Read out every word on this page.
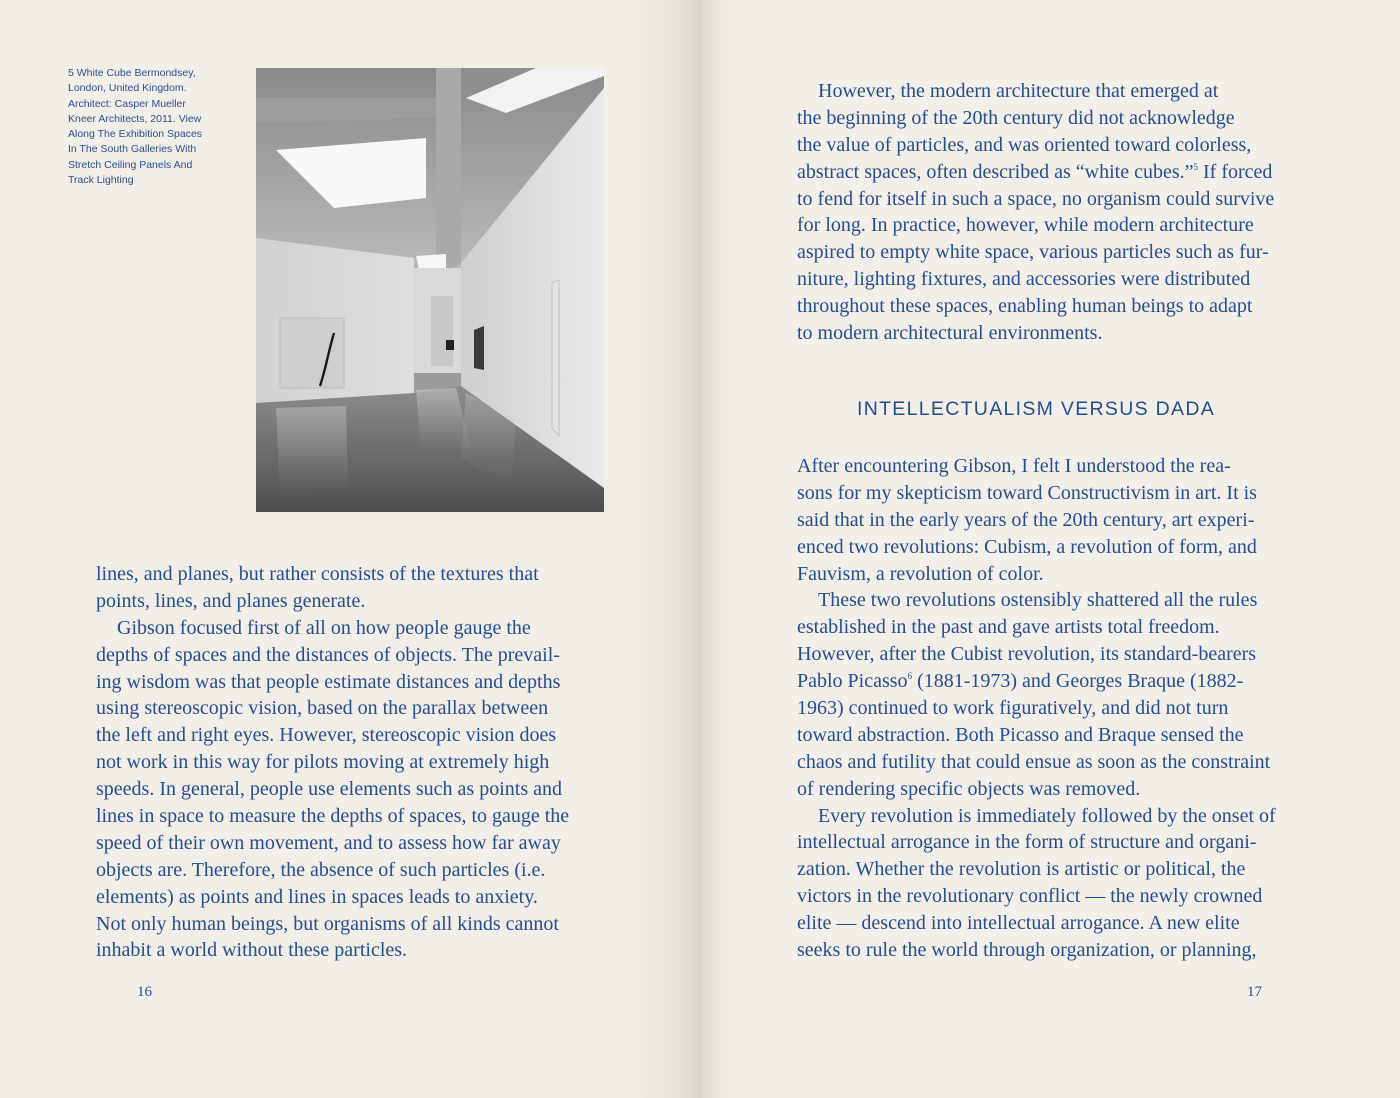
5 White Cube Bermondsey,
London, United Kingdom.
Architect: Casper Mueller
Kneer Architects, 2011. View
Along The Exhibition Spaces
In The South Galleries With
Stretch Ceiling Panels And
Track Lighting
lines, and planes, but rather consists of the textures that
points, lines, and planes generate.
Gibson focused first of all on how people gauge the
depths of spaces and the distances of objects. The prevail-
ing wisdom was that people estimate distances and depths
using stereoscopic vision, based on the parallax between
the left and right eyes. However, stereoscopic vision does
not work in this way for pilots moving at extremely high
speeds. In general, people use elements such as points and
lines in space to measure the depths of spaces, to gauge the
speed of their own movement, and to assess how far away
objects are. Therefore, the absence of such particles (i.e.
elements) as points and lines in spaces leads to anxiety.
Not only human beings, but organisms of all kinds cannot
inhabit a world without these particles.
16
However, the modern architecture that emerged at
the beginning of the 20th century did not acknowledge
the value of particles, and was oriented toward colorless,
abstract spaces, often described as “white cubes.”$^5$ If forced
to fend for itself in such a space, no organism could survive
for long. In practice, however, while modern architecture
aspired to empty white space, various particles such as fur-
niture, lighting fixtures, and accessories were distributed
throughout these spaces, enabling human beings to adapt
to modern architectural environments.
INTELLECTUALISM VERSUS DADA
After encountering Gibson, I felt I understood the rea-
sons for my skepticism toward Constructivism in art. It is
said that in the early years of the 20th century, art experi-
enced two revolutions: Cubism, a revolution of form, and
Fauvism, a revolution of color.
These two revolutions ostensibly shattered all the rules
established in the past and gave artists total freedom.
However, after the Cubist revolution, its standard-bearers
Pablo Picasso$^6$ (1881-1973) and Georges Braque (1882-
1963) continued to work figuratively, and did not turn
toward abstraction. Both Picasso and Braque sensed the
chaos and futility that could ensue as soon as the constraint
of rendering specific objects was removed.
Every revolution is immediately followed by the onset of
intellectual arrogance in the form of structure and organi-
zation. Whether the revolution is artistic or political, the
victors in the revolutionary conflict — the newly crowned
elite — descend into intellectual arrogance. A new elite
seeks to rule the world through organization, or planning,
17
